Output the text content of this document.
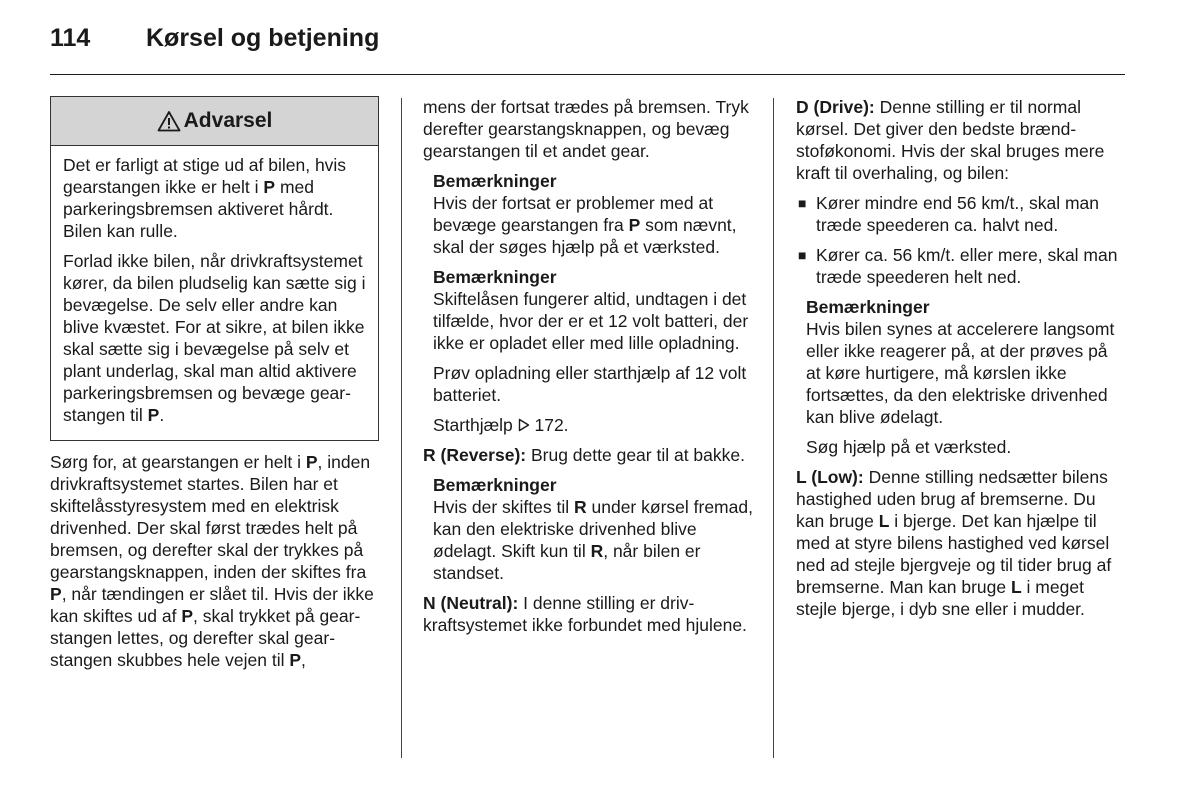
114	Kørsel og betjening
Advarsel

Det er farligt at stige ud af bilen, hvis gearstangen ikke er helt i P med parkeringsbremsen aktiveret hårdt. Bilen kan rulle.

Forlad ikke bilen, når drivkraftsystemet kører, da bilen pludselig kan sætte sig i bevægelse. De selv eller andre kan blive kvæstet. For at sikre, at bilen ikke skal sætte sig i bevægelse på selv et plant underlag, skal man altid aktivere parkeringsbremsen og bevæge gearstangen til P.

Sørg for, at gearstangen er helt i P, inden drivkraftsystemet startes. Bilen har et skiftelåsstyresystem med en elektrisk drivenhed. Der skal først trædes helt på bremsen, og derefter skal der trykkes på gearstangsknappen, inden der skiftes fra P, når tændingen er slået til. Hvis der ikke kan skiftes ud af P, skal trykket på gearstangen lettes, og derefter skal gearstangen skubbes hele vejen til P,

mens der fortsat trædes på bremsen. Tryk derefter gearstangsknappen, og bevæg gearstangen til et andet gear.

Bemærkninger

Hvis der fortsat er problemer med at bevæge gearstangen fra P som nævnt, skal der søges hjælp på et værksted.

Bemærkninger

Skiftelåsen fungerer altid, undtagen i det tilfælde, hvor der er et 12 volt batteri, der ikke er opladet eller med lille opladning.

Prøv opladning eller starthjælp af 12 volt batteriet.

Starthjælp  172.

R (Reverse): Brug dette gear til at bakke.

Bemærkninger

Hvis der skiftes til R under kørsel fremad, kan den elektriske drivenhed blive ødelagt. Skift kun til R, når bilen er standset.

N (Neutral): I denne stilling er drivkraftsystemet ikke forbundet med hjulene.

D (Drive): Denne stilling er til normal kørsel. Det giver den bedste brændstoføkonomi. Hvis der skal bruges mere kraft til overhaling, og bilen:

■ Kører mindre end 56 km/t., skal man træde speederen ca. halvt ned.
■ Kører ca. 56 km/t. eller mere, skal man træde speederen helt ned.
Bemærkninger

Hvis bilen synes at accelerere langsomt eller ikke reagerer på, at der prøves på at køre hurtigere, må kørslen ikke fortsættes, da den elektriske drivenhed kan blive ødelagt.

Søg hjælp på et værksted.

L (Low): Denne stilling nedsætter bilens hastighed uden brug af bremserne. Du kan bruge L i bjerge. Det kan hjælpe til med at styre bilens hastighed ved kørsel ned ad stejle bjergveje og til tider brug af bremserne. Man kan bruge L i meget stejle bjerge, i dyb sne eller i mudder.
